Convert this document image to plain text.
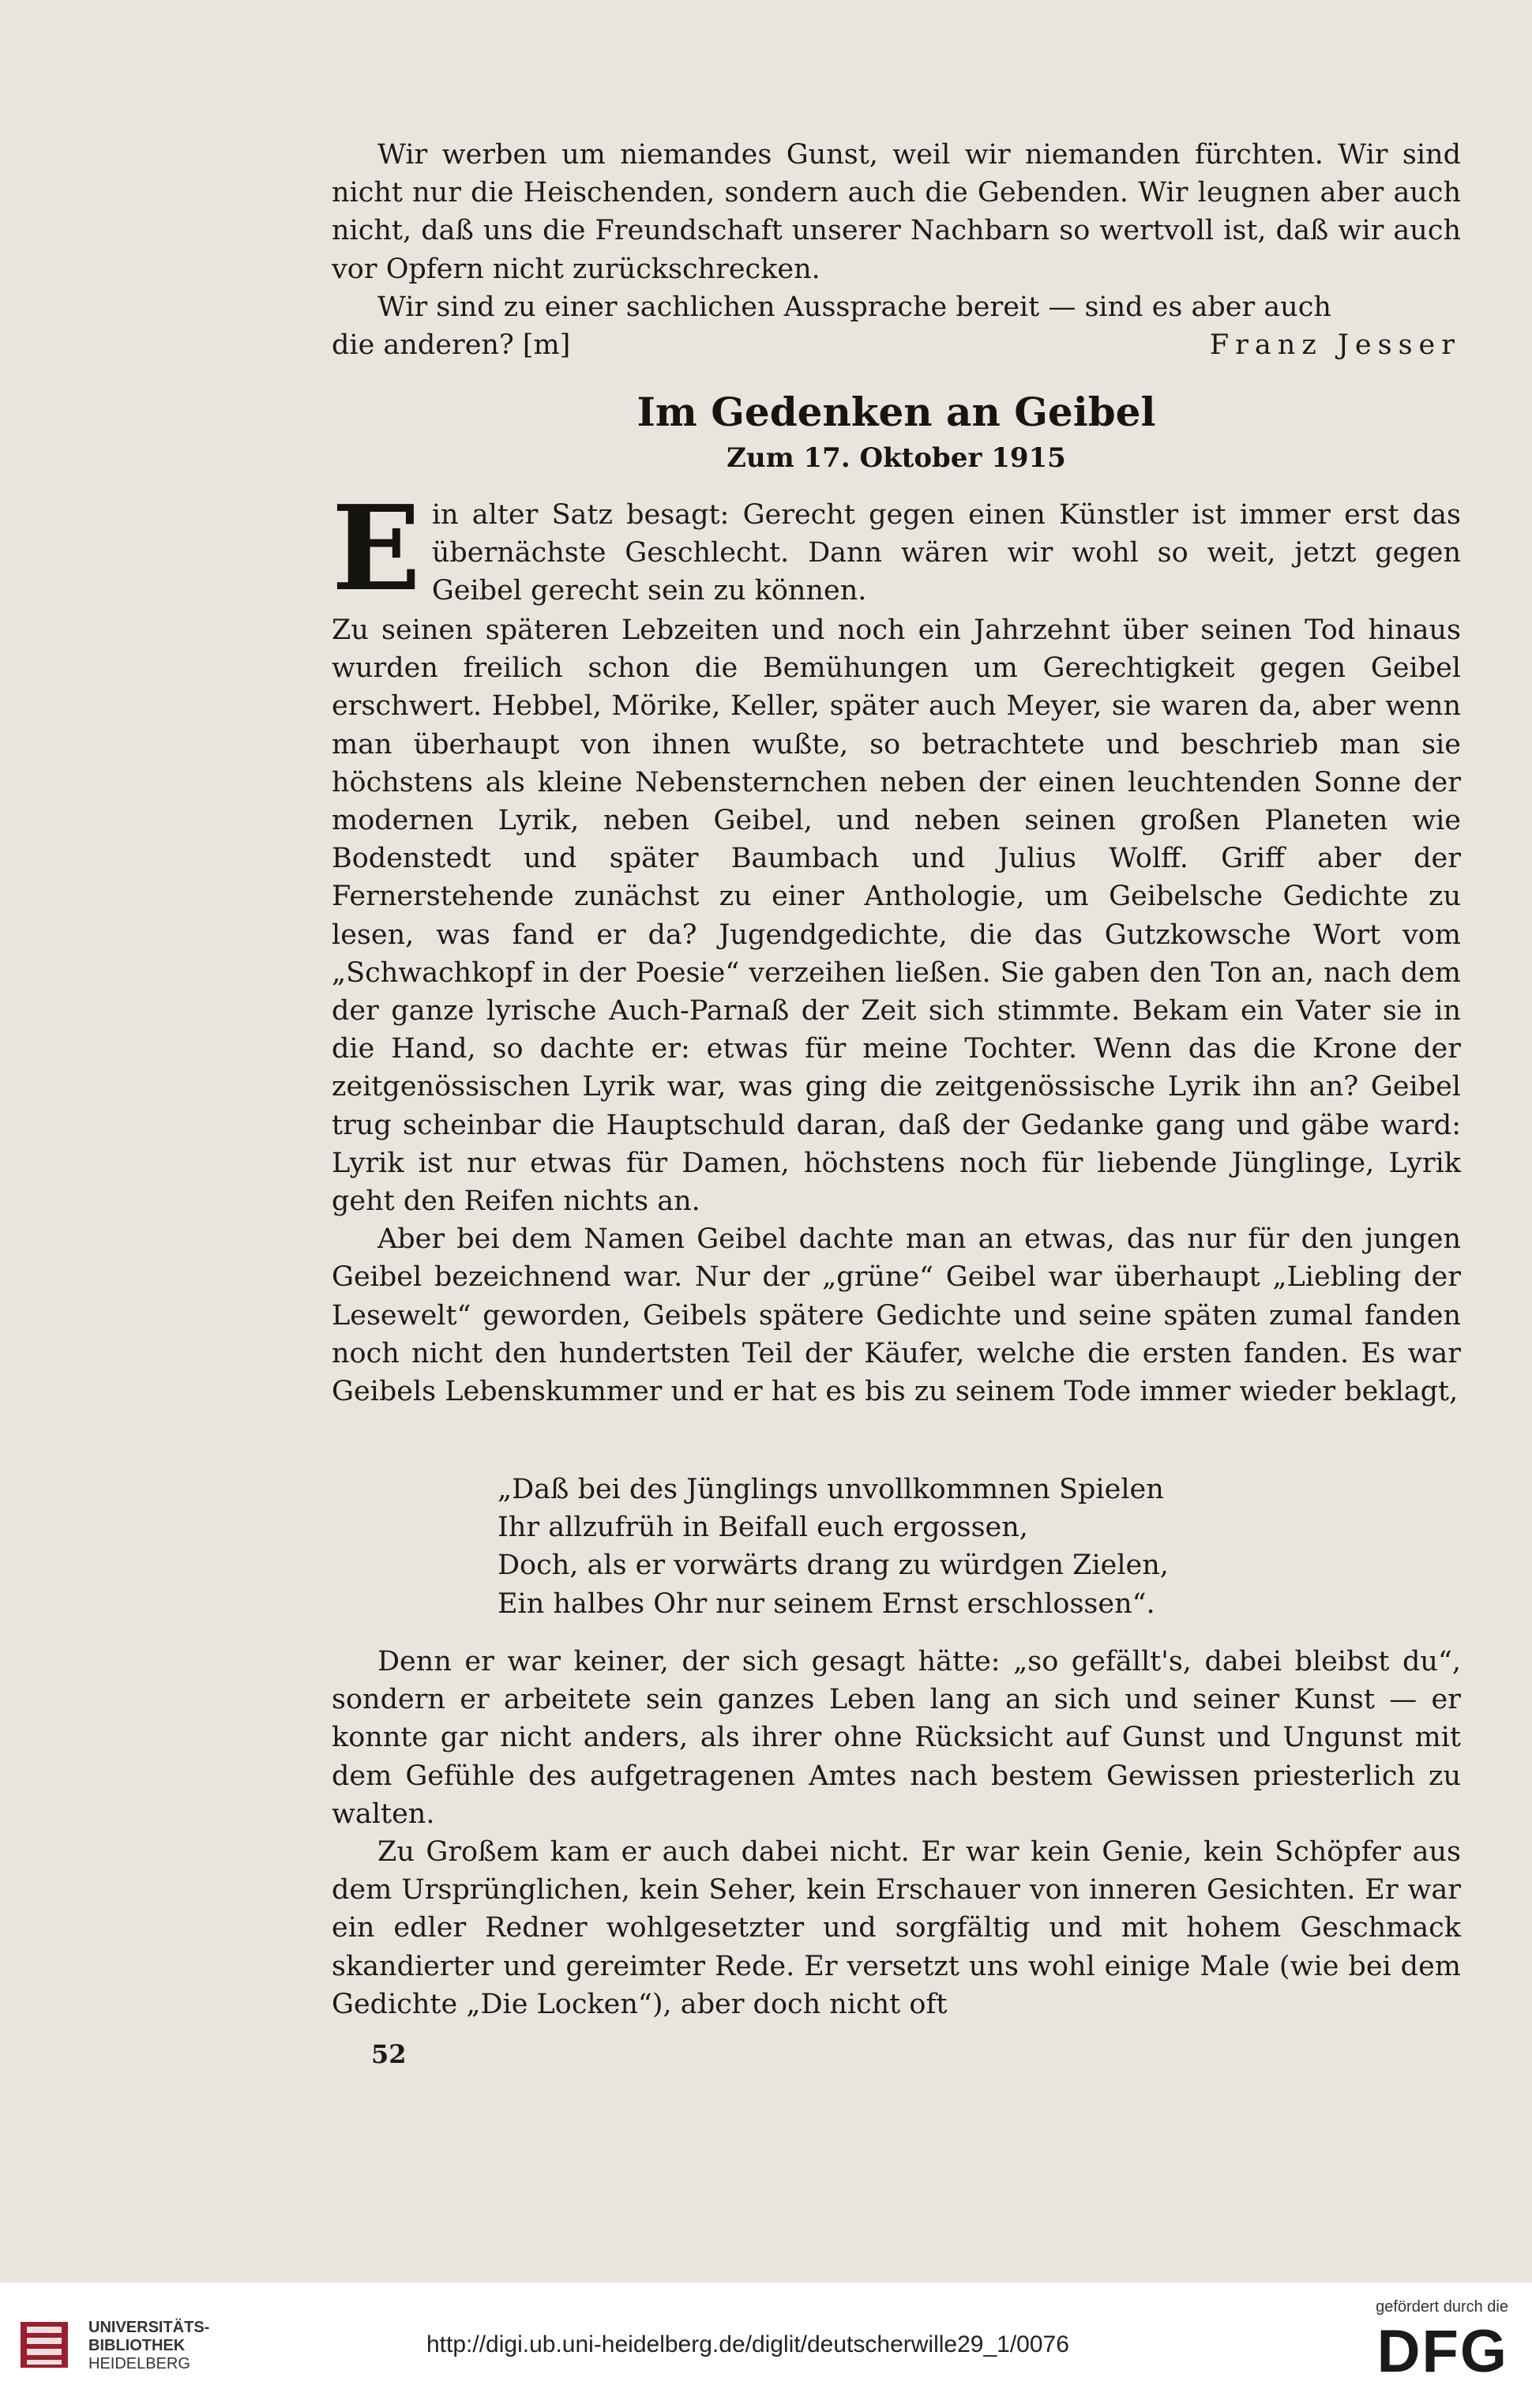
Wir werben um niemandes Gunst, weil wir niemanden fürchten. Wir sind nicht nur die Heischenden, sondern auch die Gebenden. Wir leugnen aber auch nicht, daß uns die Freundschaft unserer Nachbarn so wertvoll ist, daß wir auch vor Opfern nicht zurückschrecken.

Wir sind zu einer sachlichen Aussprache bereit — sind es aber auch

die anderen? [m]	Franz Jesser
Im Gedenken an Geibel
Zum 17. Oktober 1915
E in alter Satz besagt: Gerecht gegen einen Künstler ist immer erst das übernächste Geschlecht. Dann wären wir wohl so weit, jetzt gegen Geibel gerecht sein zu können.

Zu seinen späteren Lebzeiten und noch ein Jahrzehnt über seinen Tod hinaus wurden freilich schon die Bemühungen um Gerechtigkeit gegen Geibel erschwert. Hebbel, Mörike, Keller, später auch Meyer, sie waren da, aber wenn man überhaupt von ihnen wußte, so betrachtete und beschrieb man sie höchstens als kleine Nebensternchen neben der einen leuchtenden Sonne der modernen Lyrik, neben Geibel, und neben seinen großen Planeten wie Bodenstedt und später Baumbach und Julius Wolff. Griff aber der Fernerstehende zunächst zu einer Anthologie, um Geibelsche Gedichte zu lesen, was fand er da? Jugendgedichte, die das Gutzkowsche Wort vom „Schwachkopf in der Poesie“ verzeihen ließen. Sie gaben den Ton an, nach dem der ganze lyrische Auch-Parnaß der Zeit sich stimmte. Bekam ein Vater sie in die Hand, so dachte er: etwas für meine Tochter. Wenn das die Krone der zeitgenössischen Lyrik war, was ging die zeitgenössische Lyrik ihn an? Geibel trug scheinbar die Hauptschuld daran, daß der Gedanke gang und gäbe ward: Lyrik ist nur etwas für Damen, höchstens noch für liebende Jünglinge, Lyrik geht den Reifen nichts an.

Aber bei dem Namen Geibel dachte man an etwas, das nur für den jungen Geibel bezeichnend war. Nur der „grüne“ Geibel war überhaupt „Liebling der Lesewelt“ geworden, Geibels spätere Gedichte und seine späten zumal fanden noch nicht den hundertsten Teil der Käufer, welche die ersten fanden. Es war Geibels Lebenskummer und er hat es bis zu seinem Tode immer wieder beklagt,

„Daß bei des Jünglings unvollkommnen Spielen
Ihr allzufrüh in Beifall euch ergossen,
Doch, als er vorwärts drang zu würdgen Zielen,
Ein halbes Ohr nur seinem Ernst erschlossen“.

Denn er war keiner, der sich gesagt hätte: „so gefällt's, dabei bleibst du“, sondern er arbeitete sein ganzes Leben lang an sich und seiner Kunst — er konnte gar nicht anders, als ihrer ohne Rücksicht auf Gunst und Ungunst mit dem Gefühle des aufgetragenen Amtes nach bestem Gewissen priesterlich zu walten.

Zu Großem kam er auch dabei nicht. Er war kein Genie, kein Schöpfer aus dem Ursprünglichen, kein Seher, kein Erschauer von inneren Gesichten. Er war ein edler Redner wohlgesetzter und sorgfältig und mit hohem Geschmack skandierter und gereimter Rede. Er versetzt uns wohl einige Male (wie bei dem Gedichte „Die Locken“), aber doch nicht oft

52
UNIVERSITÄTS-
BIBLIOTHEK
HEIDELBERG
http://digi.ub.uni-heidelberg.de/diglit/deutscherwille29_1/0076
gefördert durch die
DFG
